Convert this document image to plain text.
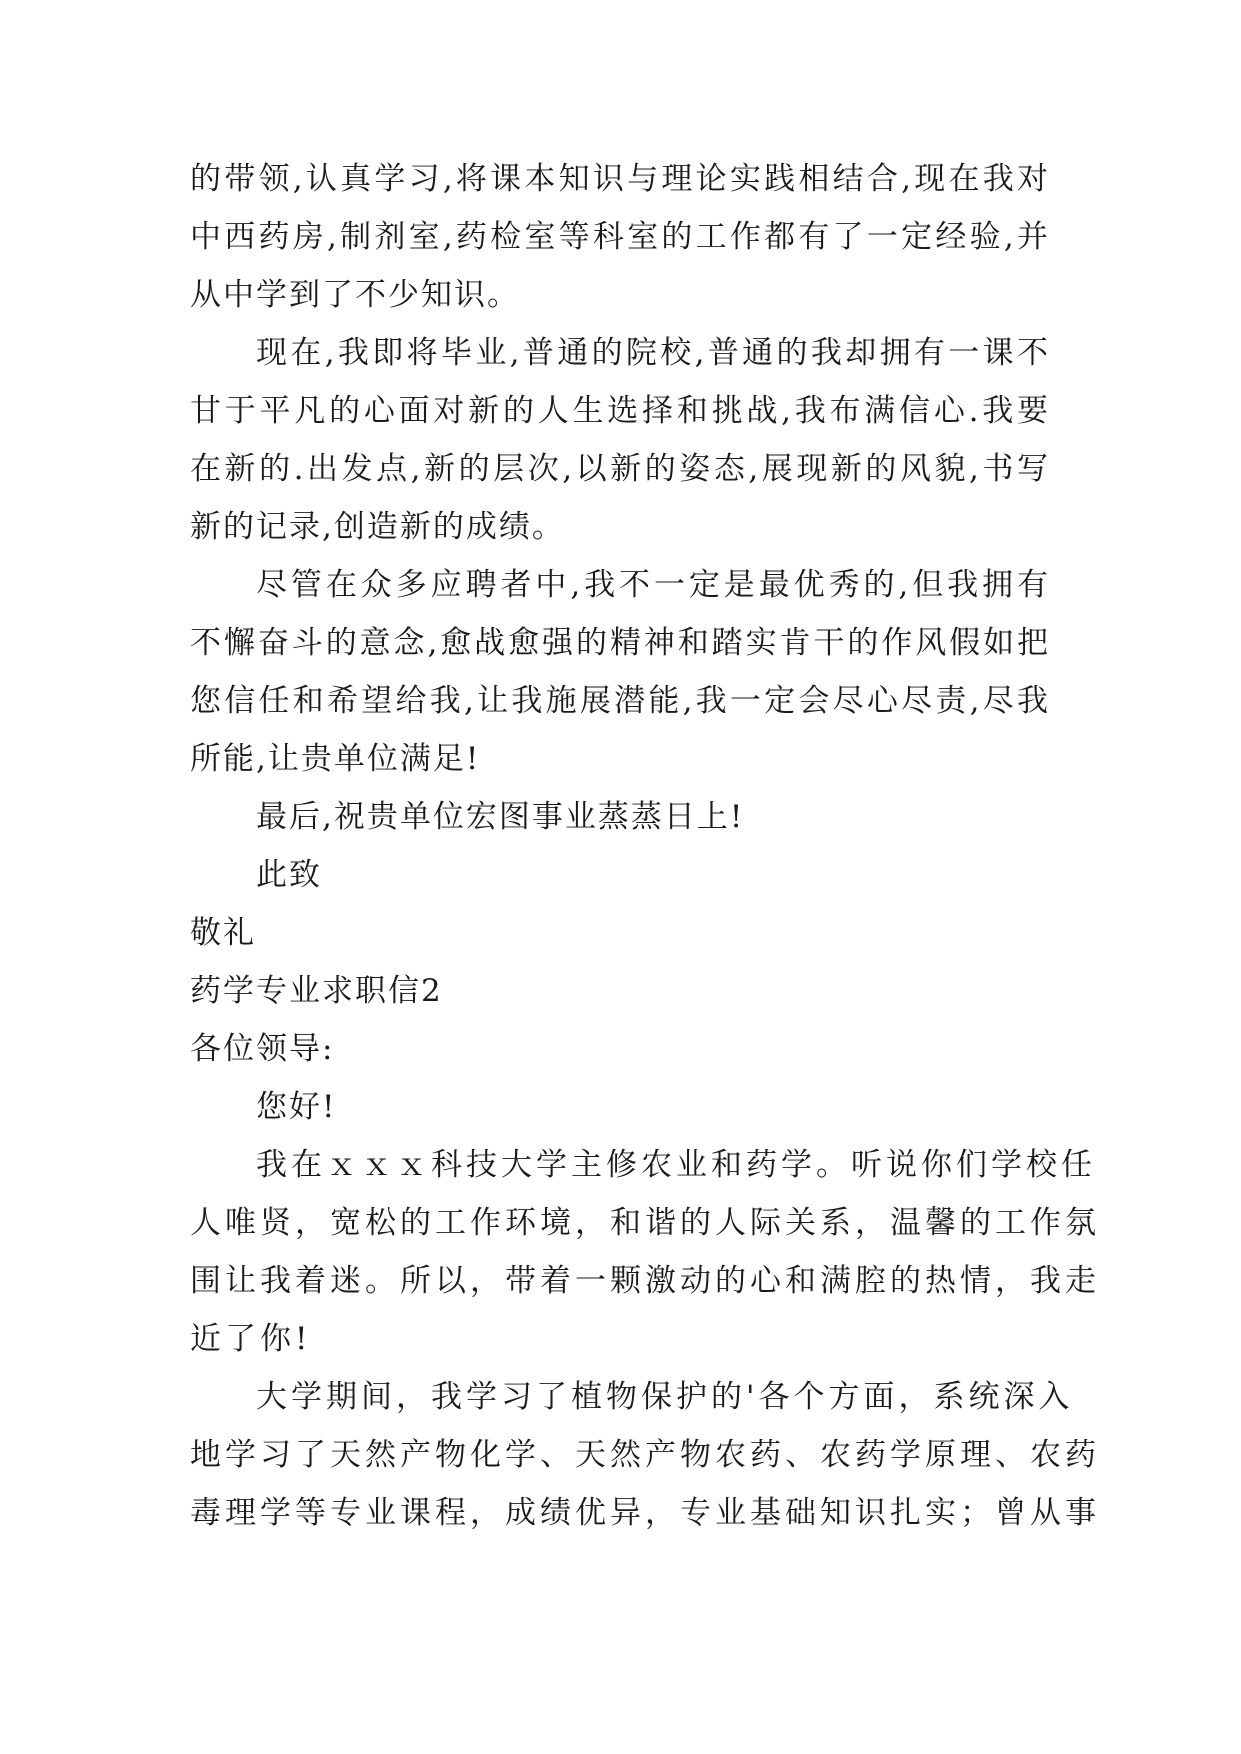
的带领,认真学习,将课本知识与理论实践相结合,现在我对
中西药房,制剂室,药检室等科室的工作都有了一定经验,并
从中学到了不少知识。
现在,我即将毕业,普通的院校,普通的我却拥有一课不
甘于平凡的心面对新的人生选择和挑战,我布满信心.我要
在新的.出发点,新的层次,以新的姿态,展现新的风貌,书写
新的记录,创造新的成绩。
尽管在众多应聘者中,我不一定是最优秀的,但我拥有
不懈奋斗的意念,愈战愈强的精神和踏实肯干的作风假如把
您信任和希望给我,让我施展潜能,我一定会尽心尽责,尽我
所能,让贵单位满足!
最后,祝贵单位宏图事业蒸蒸日上!
此致
敬礼
药学专业求职信2
各位领导:
您好!
我在ｘｘｘ科技大学主修农业和药学。听说你们学校任
人唯贤，宽松的工作环境，和谐的人际关系，温馨的工作氛
围让我着迷。所以，带着一颗激动的心和满腔的热情，我走
近了你!
大学期间，我学习了植物保护的'各个方面，系统深入
地学习了天然产物化学、天然产物农药、农药学原理、农药
毒理学等专业课程，成绩优异，专业基础知识扎实；曾从事
